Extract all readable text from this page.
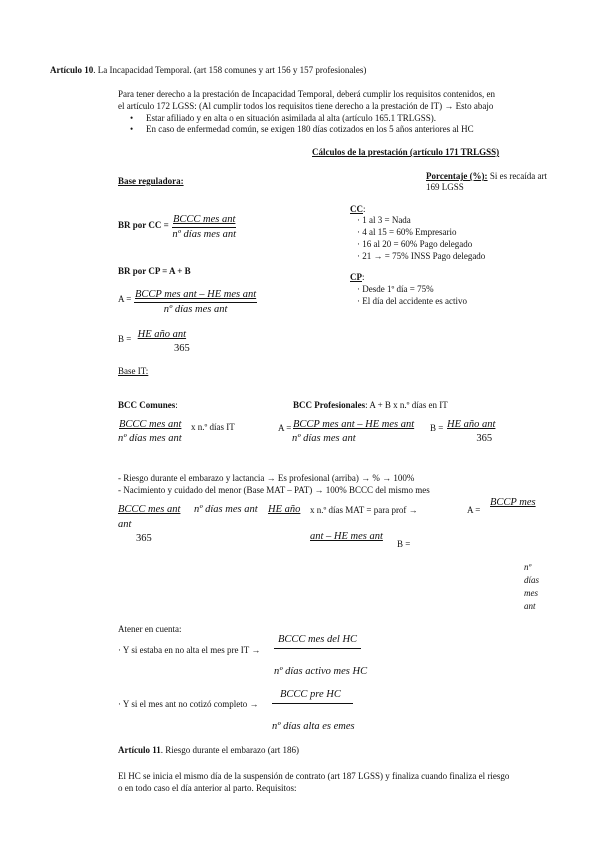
Artículo 10. La Incapacidad Temporal. (art 158 comunes y art 156 y 157 profesionales)
Para tener derecho a la prestación de Incapacidad Temporal, deberá cumplir los requisitos contenidos, en
el artículo 172 LGSS: (Al cumplir todos los requisitos tiene derecho a la prestación de IT) → Esto abajo
• Estar afiliado y en alta o en situación asimilada al alta (artículo 165.1 TRLGSS).
• En caso de enfermedad común, se exigen 180 días cotizados en los 5 años anteriores al HC
Cálculos de la prestación (artículo 171 TRLGSS)
Base reguladora:	Porcentaje (%): Si es recaída art
169 LGSS
BR por CC = BCCC mes ant
nº días mes ant
CC:
· 1 al 3 = Nada
· 4 al 15 = 60% Empresario
· 16 al 20 = 60% Pago delegado
· 21 → = 75% INSS Pago delegado
BR por CP = A + B
A = BCCP mes ant – HE mes ant
nº días mes ant
CP:
· Desde 1º día = 75%
· El día del accidente es activo
B = HE año ant
365
Base IT:
BCC Comunes:	BCC Profesionales: A + B x n.º días en IT
BCCC mes ant
nº días mes ant
x n.º días IT	A = BCCP mes ant – HE mes ant
nº días mes ant
B = HE año ant
365
- Riesgo durante el embarazo y lactancia → Es profesional (arriba) → % → 100%
- Nacimiento y cuidado del menor (Base MAT – PAT) → 100% BCCC del mismo mes
BCCC mes ant nº días mes ant HE año
ant
365
x n.º días MAT = para prof →
ant – HE mes ant
B =
A =
BCCP mes
nº
días
mes
ant
Atener en cuenta:
· Y si estaba en no alta el mes pre IT →
BCCC mes del HC
nº días activo mes HC
· Y si el mes ant no cotizó completo →
BCCC pre HC
nº días alta es emes
Artículo 11. Riesgo durante el embarazo (art 186)
El HC se inicia el mismo día de la suspensión de contrato (art 187 LGSS) y finaliza cuando finaliza el riesgo
o en todo caso el día anterior al parto. Requisitos:
